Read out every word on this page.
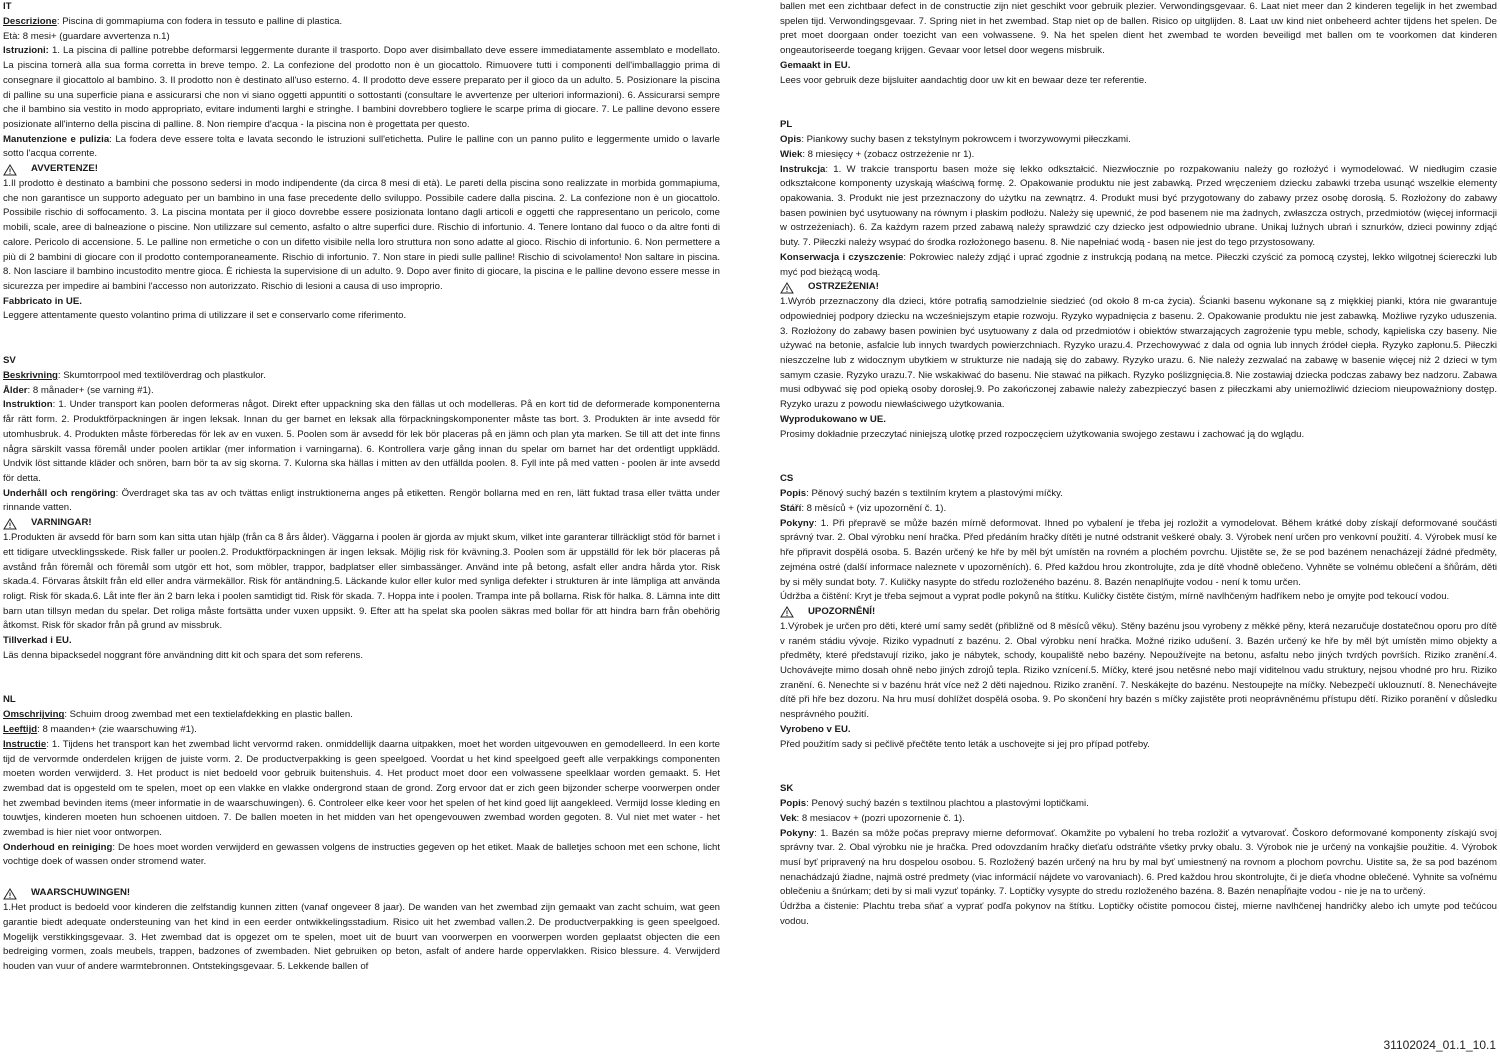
IT

Descrizione: Piscina di gommapiuma con fodera in tessuto e palline di plastica.

Età: 8 mesi+ (guardare avvertenza n.1)

Istruzioni: 1. La piscina di palline potrebbe deformarsi leggermente durante il trasporto. Dopo aver disimballato deve essere immediatamente assemblato e modellato. La piscina tornerà alla sua forma corretta in breve tempo. 2. La confezione del prodotto non è un giocattolo. Rimuovere tutti i componenti dell'imballaggio prima di consegnare il giocattolo al bambino. 3. Il prodotto non è destinato all'uso esterno. 4. Il prodotto deve essere preparato per il gioco da un adulto. 5. Posizionare la piscina di palline su una superficie piana e assicurarsi che non vi siano oggetti appuntiti o sottostanti (consultare le avvertenze per ulteriori informazioni). 6. Assicurarsi sempre che il bambino sia vestito in modo appropriato, evitare indumenti larghi e stringhe. I bambini dovrebbero togliere le scarpe prima di giocare. 7. Le palline devono essere posizionate all'interno della piscina di palline. 8. Non riempire d'acqua - la piscina non è progettata per questo.

Manutenzione e pulizia: La fodera deve essere tolta e lavata secondo le istruzioni sull'etichetta. Pulire le palline con un panno pulito e leggermente umido o lavarle sotto l'acqua corrente.

AVVERTENZE!

1.Il prodotto è destinato a bambini che possono sedersi in modo indipendente (da circa 8 mesi di età). Le pareti della piscina sono realizzate in morbida gommapiuma, che non garantisce un supporto adeguato per un bambino in una fase precedente dello sviluppo. Possibile cadere dalla piscina. 2. La confezione non è un giocattolo. Possibile rischio di soffocamento. 3. La piscina montata per il gioco dovrebbe essere posizionata lontano dagli articoli e oggetti che rappresentano un pericolo, come mobili, scale, aree di balneazione o piscine. Non utilizzare sul cemento, asfalto o altre superfici dure. Rischio di infortunio. 4. Tenere lontano dal fuoco o da altre fonti di calore. Pericolo di accensione. 5. Le palline non ermetiche o con un difetto visibile nella loro struttura non sono adatte al gioco. Rischio di infortunio. 6. Non permettere a più di 2 bambini di giocare con il prodotto contemporaneamente. Rischio di infortunio. 7. Non stare in piedi sulle palline! Rischio di scivolamento! Non saltare in piscina. 8. Non lasciare il bambino incustodito mentre gioca. È richiesta la supervisione di un adulto. 9. Dopo aver finito di giocare, la piscina e le palline devono essere messe in sicurezza per impedire ai bambini l'accesso non autorizzato. Rischio di lesioni a causa di uso improprio.

Fabbricato in UE.

Leggere attentamente questo volantino prima di utilizzare il set e conservarlo come riferimento.

SV

Beskrivning: Skumtorrpool med textilöverdrag och plastkulor.

Ålder: 8 månader+ (se varning #1).

Instruktion: 1. Under transport kan poolen deformeras något. Direkt efter uppackning ska den fällas ut och modelleras. På en kort tid de deformerade komponenterna får rätt form. 2. Produktförpackningen är ingen leksak. Innan du ger barnet en leksak alla förpackningskomponenter måste tas bort. 3. Produkten är inte avsedd för utomhusbruk. 4. Produkten måste förberedas för lek av en vuxen. 5. Poolen som är avsedd för lek bör placeras på en jämn och plan yta marken. Se till att det inte finns några särskilt vassa föremål under poolen artiklar (mer information i varningarna). 6. Kontrollera varje gång innan du spelar om barnet har det ordentligt uppklädd. Undvik löst sittande kläder och snören, barn bör ta av sig skorna. 7. Kulorna ska hällas i mitten av den utfällda poolen. 8. Fyll inte på med vatten - poolen är inte avsedd för detta.

Underhåll och rengöring: Överdraget ska tas av och tvättas enligt instruktionerna anges på etiketten. Rengör bollarna med en ren, lätt fuktad trasa eller tvätta under rinnande vatten.

VARNINGAR!

1.Produkten är avsedd för barn som kan sitta utan hjälp (från ca 8 års ålder). Väggarna i poolen är gjorda av mjukt skum, vilket inte garanterar tillräckligt stöd för barnet i ett tidigare utvecklingsskede. Risk faller ur poolen.2. Produktförpackningen är ingen leksak. Möjlig risk för kvävning.3. Poolen som är uppställd för lek bör placeras på avstånd från föremål och föremål som utgör ett hot, som möbler, trappor, badplatser eller simbassänger. Använd inte på betong, asfalt eller andra hårda ytor. Risk skada.4. Förvaras åtskilt från eld eller andra värmekällor. Risk för antändning.5. Läckande kulor eller kulor med synliga defekter i strukturen är inte lämpliga att använda roligt. Risk för skada.6. Låt inte fler än 2 barn leka i poolen samtidigt tid. Risk för skada. 7. Hoppa inte i poolen. Trampa inte på bollarna. Risk för halka. 8. Lämna inte ditt barn utan tillsyn medan du spelar. Det roliga måste fortsätta under vuxen uppsikt. 9. Efter att ha spelat ska poolen säkras med bollar för att hindra barn från obehörig åtkomst. Risk för skador från på grund av missbruk.

Tillverkad i EU.

Läs denna bipacksedel noggrant före användning ditt kit och spara det som referens.

NL

Omschrijving: Schuim droog zwembad met een textielafdekking en plastic ballen.

Leeftijd: 8 maanden+ (zie waarschuwing #1).

Instructie: 1. Tijdens het transport kan het zwembad licht vervormd raken. onmiddellijk daarna uitpakken, moet het worden uitgevouwen en gemodelleerd. In een korte tijd de vervormde onderdelen krijgen de juiste vorm. 2. De productverpakking is geen speelgoed. Voordat u het kind speelgoed geeft alle verpakkings componenten moeten worden verwijderd. 3. Het product is niet bedoeld voor gebruik buitenshuis. 4. Het product moet door een volwassene speelklaar worden gemaakt. 5. Het zwembad dat is opgesteld om te spelen, moet op een vlakke en vlakke ondergrond staan de grond. Zorg ervoor dat er zich geen bijzonder scherpe voorwerpen onder het zwembad bevinden items (meer informatie in de waarschuwingen). 6. Controleer elke keer voor het spelen of het kind goed lijt aangekleed. Vermijd losse kleding en touwtjes, kinderen moeten hun schoenen uitdoen. 7. De ballen moeten in het midden van het opengevouwen zwembad worden gegoten. 8. Vul niet met water - het zwembad is hier niet voor ontworpen.

Onderhoud en reiniging: De hoes moet worden verwijderd en gewassen volgens de instructies gegeven op het etiket. Maak de balletjes schoon met een schone, licht vochtige doek of wassen onder stromend water.

WAARSCHUWINGEN!

1.Het product is bedoeld voor kinderen die zelfstandig kunnen zitten (vanaf ongeveer 8 jaar). De wanden van het zwembad zijn gemaakt van zacht schuim, wat geen garantie biedt adequate ondersteuning van het kind in een eerder ontwikkelingsstadium. Risico uit het zwembad vallen.2. De productverpakking is geen speelgoed. Mogelijk verstikkingsgevaar. 3. Het zwembad dat is opgezet om te spelen, moet uit de buurt van voorwerpen en voorwerpen worden geplaatst objecten die een bedreiging vormen, zoals meubels, trappen, badzones of zwembaden. Niet gebruiken op beton, asfalt of andere harde oppervlakken. Risico blessure. 4. Verwijderd houden van vuur of andere warmtebronnen. Ontstekingsgevaar. 5. Lekkende ballen of

ballen met een zichtbaar defect in de constructie zijn niet geschikt voor gebruik plezier. Verwondingsgevaar. 6. Laat niet meer dan 2 kinderen tegelijk in het zwembad spelen tijd. Verwondingsgevaar. 7. Spring niet in het zwembad. Stap niet op de ballen. Risico op uitglijden. 8. Laat uw kind niet onbeheerd achter tijdens het spelen. De pret moet doorgaan onder toezicht van een volwassene. 9. Na het spelen dient het zwembad te worden beveiligd met ballen om te voorkomen dat kinderen ongeautoriseerde toegang krijgen. Gevaar voor letsel door wegens misbruik.

Gemaakt in EU.

Lees voor gebruik deze bijsluiter aandachtig door uw kit en bewaar deze ter referentie.

PL

Opis: Piankowy suchy basen z tekstylnym pokrowcem i tworzywowymi piłeczkami.

Wiek: 8 miesięcy + (zobacz ostrzeżenie nr 1).

Instrukcja: 1. W trakcie transportu basen może się lekko odkształcić. Niezwłocznie po rozpakowaniu należy go rozłożyć i wymodelować. W niedługim czasie odkształcone komponenty uzyskają właściwą formę. 2. Opakowanie produktu nie jest zabawką. Przed wręczeniem dziecku zabawki trzeba usunąć wszelkie elementy opakowania. 3. Produkt nie jest przeznaczony do użytku na zewnątrz. 4. Produkt musi być przygotowany do zabawy przez osobę dorosłą. 5. Rozłożony do zabawy basen powinien być usytuowany na równym i płaskim podłożu. Należy się upewnić, że pod basenem nie ma żadnych, zwłaszcza ostrych, przedmiotów (więcej informacji w ostrzeżeniach). 6. Za każdym razem przed zabawą należy sprawdzić czy dziecko jest odpowiednio ubrane. Unikaj luźnych ubrań i sznurków, dzieci powinny zdjąć buty. 7. Piłeczki należy wsypać do środka rozłożonego basenu. 8. Nie napełniać wodą - basen nie jest do tego przystosowany.

Konserwacja i czyszczenie: Pokrowiec należy zdjąć i uprać zgodnie z instrukcją podaną na metce. Piłeczki czyścić za pomocą czystej, lekko wilgotnej ściereczki lub myć pod bieżącą wodą.

OSTRZEŻENIA!

1.Wyrób przeznaczony dla dzieci, które potrafią samodzielnie siedzieć (od około 8 m-ca życia). Ścianki basenu wykonane są z miękkiej pianki, która nie gwarantuje odpowiedniej podpory dziecku na wcześniejszym etapie rozwoju. Ryzyko wypadnięcia z basenu. 2. Opakowanie produktu nie jest zabawką. Możliwe ryzyko uduszenia. 3. Rozłożony do zabawy basen powinien być usytuowany z dala od przedmiotów i obiektów stwarzających zagrożenie typu meble, schody, kąpieliska czy baseny. Nie używać na betonie, asfalcie lub innych twardych powierzchniach. Ryzyko urazu.4. Przechowywać z dala od ognia lub innych źródeł ciepła. Ryzyko zapłonu.5. Piłeczki nieszczelne lub z widocznym ubytkiem w strukturze nie nadają się do zabawy. Ryzyko urazu. 6. Nie należy zezwalać na zabawę w basenie więcej niż 2 dzieci w tym samym czasie. Ryzyko urazu.7. Nie wskakiwać do basenu. Nie stawać na piłkach. Ryzyko poślizgnięcia.8. Nie zostawiaj dziecka podczas zabawy bez nadzoru. Zabawa musi odbywać się pod opieką osoby dorosłej.9. Po zakończonej zabawie należy zabezpieczyć basen z piłeczkami aby uniemożliwić dzieciom nieupoważniony dostęp. Ryzyko urazu z powodu niewłaściwego użytkowania.

Wyprodukowano w UE.

Prosimy dokładnie przeczytać niniejszą ulotkę przed rozpoczęciem użytkowania swojego zestawu i zachować ją do wglądu.

CS

Popis: Pěnový suchý bazén s textilním krytem a plastovými míčky.

Stáří: 8 měsíců + (viz upozornění č. 1).

Pokyny: 1. Při přepravě se může bazén mírně deformovat. Ihned po vybalení je třeba jej rozložit a vymodelovat. Během krátké doby získají deformované součásti správný tvar. 2. Obal výrobku není hračka. Před předáním hračky dítěti je nutné odstranit veškeré obaly. 3. Výrobek není určen pro venkovní použití. 4. Výrobek musí ke hře připravit dospělá osoba. 5. Bazén určený ke hře by měl být umístěn na rovném a plochém povrchu. Ujistěte se, že se pod bazénem nenacházejí žádné předměty, zejména ostré (další informace naleznete v upozorněních). 6. Před každou hrou zkontrolujte, zda je dítě vhodně oblečeno. Vyhněte se volnému oblečení a šňůrám, děti by si měly sundat boty. 7. Kuličky nasypte do středu rozloženého bazénu. 8. Bazén nenaplňujte vodou - není k tomu určen.

Údržba a čištění: Kryt je třeba sejmout a vyprat podle pokynů na štítku. Kuličky čistěte čistým, mírně navlhčeným hadříkem nebo je omyjte pod tekoucí vodou.

UPOZORNĚNÍ!

1.Výrobek je určen pro děti, které umí samy sedět (přibližně od 8 měsíců věku). Stěny bazénu jsou vyrobeny z měkké pěny, která nezaručuje dostatečnou oporu pro dítě v raném stádiu vývoje. Riziko vypadnutí z bazénu. 2. Obal výrobku není hračka. Možné riziko udušení. 3. Bazén určený ke hře by měl být umístěn mimo objekty a předměty, které představují riziko, jako je nábytek, schody, koupaliště nebo bazény. Nepoužívejte na betonu, asfaltu nebo jiných tvrdých površích. Riziko zranění.4. Uchovávejte mimo dosah ohně nebo jiných zdrojů tepla. Riziko vznícení.5. Míčky, které jsou netěsné nebo mají viditelnou vadu struktury, nejsou vhodné pro hru. Riziko zranění. 6. Nenechte si v bazénu hrát více než 2 děti najednou. Riziko zranění. 7. Neskákejte do bazénu. Nestoupejte na míčky. Nebezpečí uklouznutí. 8. Nenechávejte dítě při hře bez dozoru. Na hru musí dohlížet dospělá osoba. 9. Po skončení hry bazén s míčky zajistěte proti neoprávněnému přístupu dětí. Riziko poranění v důsledku nesprávného použití.

Vyrobeno v EU.

Před použitím sady si pečlivě přečtěte tento leták a uschovejte si jej pro případ potřeby.

SK

Popis: Penový suchý bazén s textilnou plachtou a plastovými loptičkami.

Vek: 8 mesiacov + (pozri upozornenie č. 1).

Pokyny: 1. Bazén sa môže počas prepravy mierne deformovať. Okamžite po vybalení ho treba rozložiť a vytvarovať. Čoskoro deformované komponenty získajú svoj správny tvar. 2. Obal výrobku nie je hračka. Pred odovzdaním hračky dieťaťu odstráňte všetky prvky obalu. 3. Výrobok nie je určený na vonkajšie použitie. 4. Výrobok musí byť pripravený na hru dospelou osobou. 5. Rozložený bazén určený na hru by mal byť umiestnený na rovnom a plochom povrchu. Uistite sa, že sa pod bazénom nenachádzajú žiadne, najmä ostré predmety (viac informácií nájdete vo varovaniach). 6. Pred každou hrou skontrolujte, či je dieťa vhodne oblečené. Vyhnite sa voľnému oblečeniu a šnúrkam; deti by si mali vyzuť topánky. 7. Loptičky vysypte do stredu rozloženého bazéna. 8. Bazén nenapĺňajte vodou - nie je na to určený.

Údržba a čistenie: Plachtu treba sňať a vyprať podľa pokynov na štítku. Loptičky očistite pomocou čistej, mierne navlhčenej handričky alebo ich umyte pod tečúcou vodou.

31102024_01.1_10.1
